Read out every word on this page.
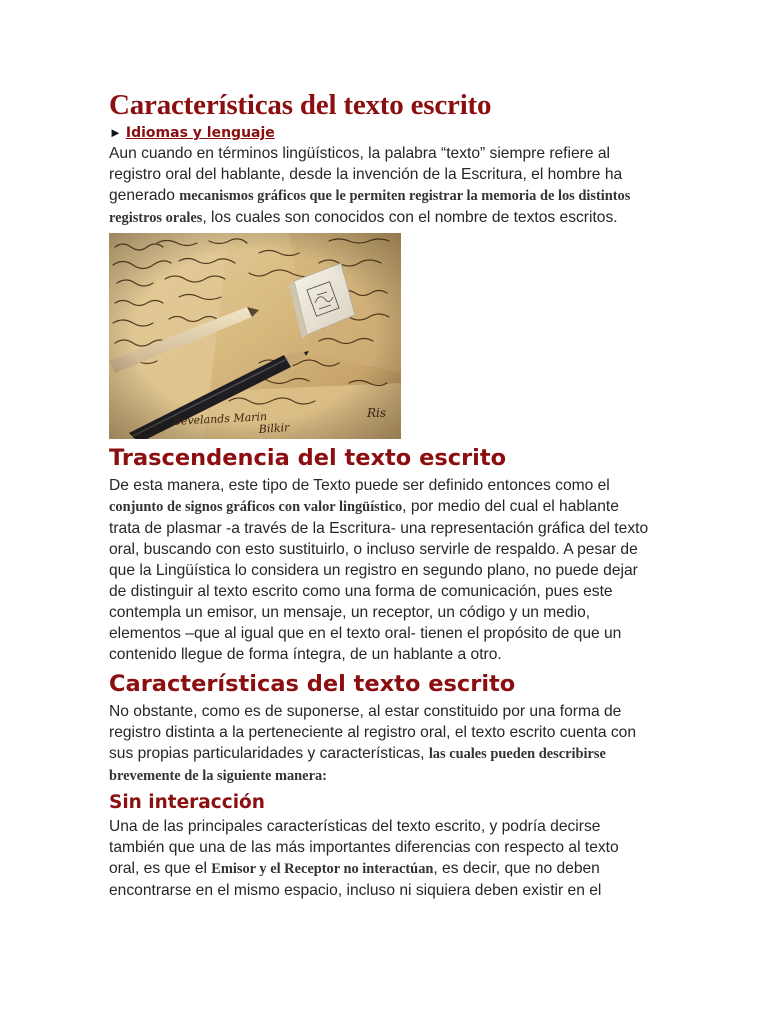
Características del texto escrito
► Idiomas y lenguaje

Aun cuando en términos lingüísticos, la palabra “texto” siempre refiere al registro oral del hablante, desde la invención de la Escritura, el hombre ha generado mecanismos gráficos que le permiten registrar la memoria de los distintos registros orales, los cuales son conocidos con el nombre de textos escritos.

Trascendencia del texto escrito

De esta manera, este tipo de Texto puede ser definido entonces como el conjunto de signos gráficos con valor lingüístico, por medio del cual el hablante trata de plasmar -a través de la Escritura- una representación gráfica del texto oral, buscando con esto sustituirlo, o incluso servirle de respaldo. A pesar de que la Lingüística lo considera un registro en segundo plano, no puede dejar de distinguir al texto escrito como una forma de comunicación, pues este contempla un emisor, un mensaje, un receptor, un código y un medio, elementos –que al igual que en el texto oral- tienen el propósito de que un contenido llegue de forma íntegra, de un hablante a otro.

Características del texto escrito

No obstante, como es de suponerse, al estar constituido por una forma de registro distinta a la perteneciente al registro oral, el texto escrito cuenta con sus propias particularidades y características, las cuales pueden describirse brevemente de la siguiente manera:

Sin interacción

Una de las principales características del texto escrito, y podría decirse también que una de las más importantes diferencias con respecto al texto oral, es que el Emisor y el Receptor no interactúan, es decir, que no deben encontrarse en el mismo espacio, incluso ni siquiera deben existir en el
